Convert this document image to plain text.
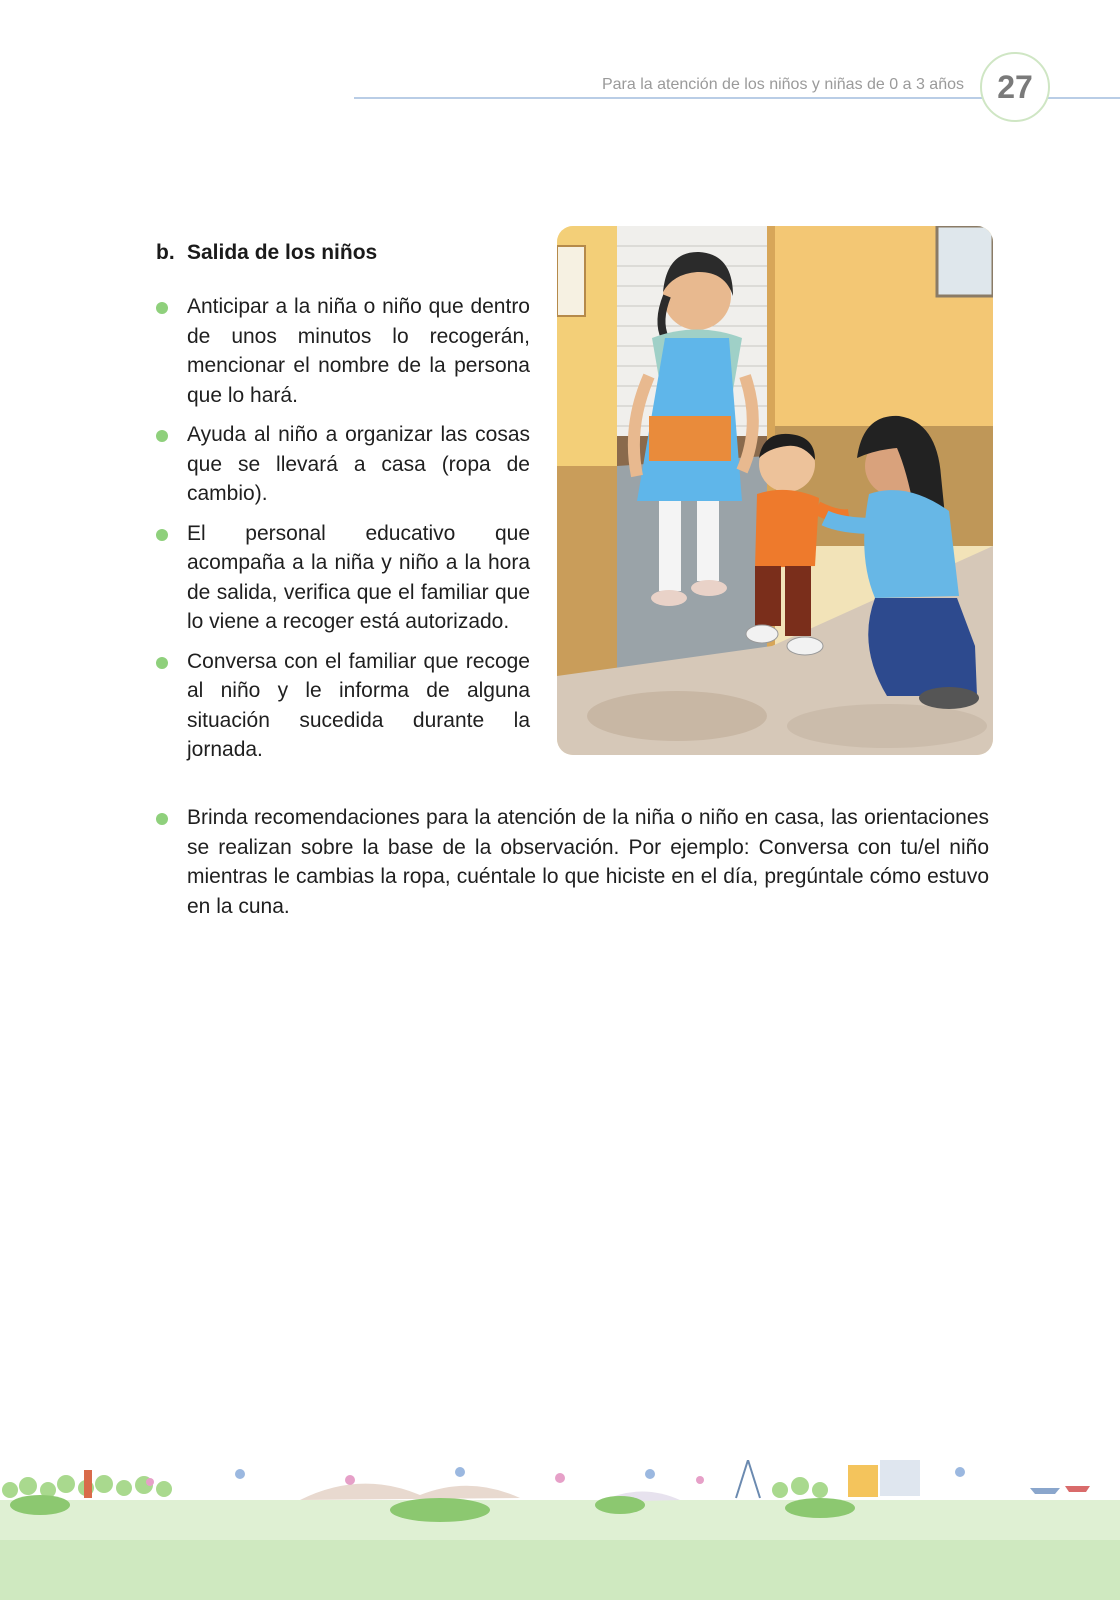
Para la atención de los niños y niñas de 0 a 3 años	27
b. Salida de los niños
Anticipar a la niña o niño que dentro de unos minutos lo recogerán, mencionar el nombre de la persona que lo hará.
Ayuda al niño a organizar las cosas que se llevará a casa (ropa de cambio).
El personal educativo que acompaña a la niña y niño a la hora de salida, verifica que el familiar que lo viene a recoger está autorizado.
Conversa con el familiar que recoge al niño y le informa de alguna situación sucedida durante la jornada.
Brinda recomendaciones para la atención de la niña o niño en casa, las orientaciones se realizan sobre la base de la observación. Por ejemplo: Conversa con tu/el niño mientras le cambias la ropa, cuéntale lo que hiciste en el día, pregúntale cómo estuvo en la cuna.
